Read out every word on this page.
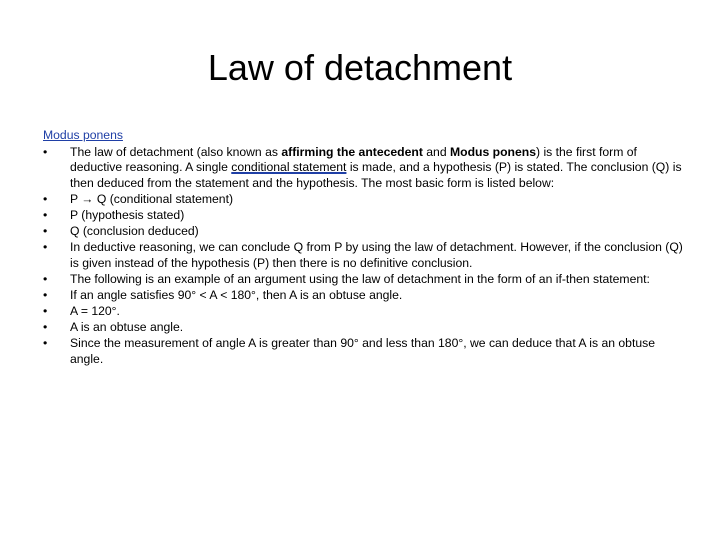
Law of detachment
Modus ponens
• The law of detachment (also known as affirming the antecedent and Modus ponens) is the first form of deductive reasoning. A single conditional statement is made, and a hypothesis (P) is stated. The conclusion (Q) is then deduced from the statement and the hypothesis. The most basic form is listed below:
• P → Q (conditional statement)
• P (hypothesis stated)
• Q (conclusion deduced)
• In deductive reasoning, we can conclude Q from P by using the law of detachment. However, if the conclusion (Q) is given instead of the hypothesis (P) then there is no definitive conclusion.
• The following is an example of an argument using the law of detachment in the form of an if-then statement:
• If an angle satisfies 90° < A < 180°, then A is an obtuse angle.
• A = 120°.
• A is an obtuse angle.
• Since the measurement of angle A is greater than 90° and less than 180°, we can deduce that A is an obtuse angle.
